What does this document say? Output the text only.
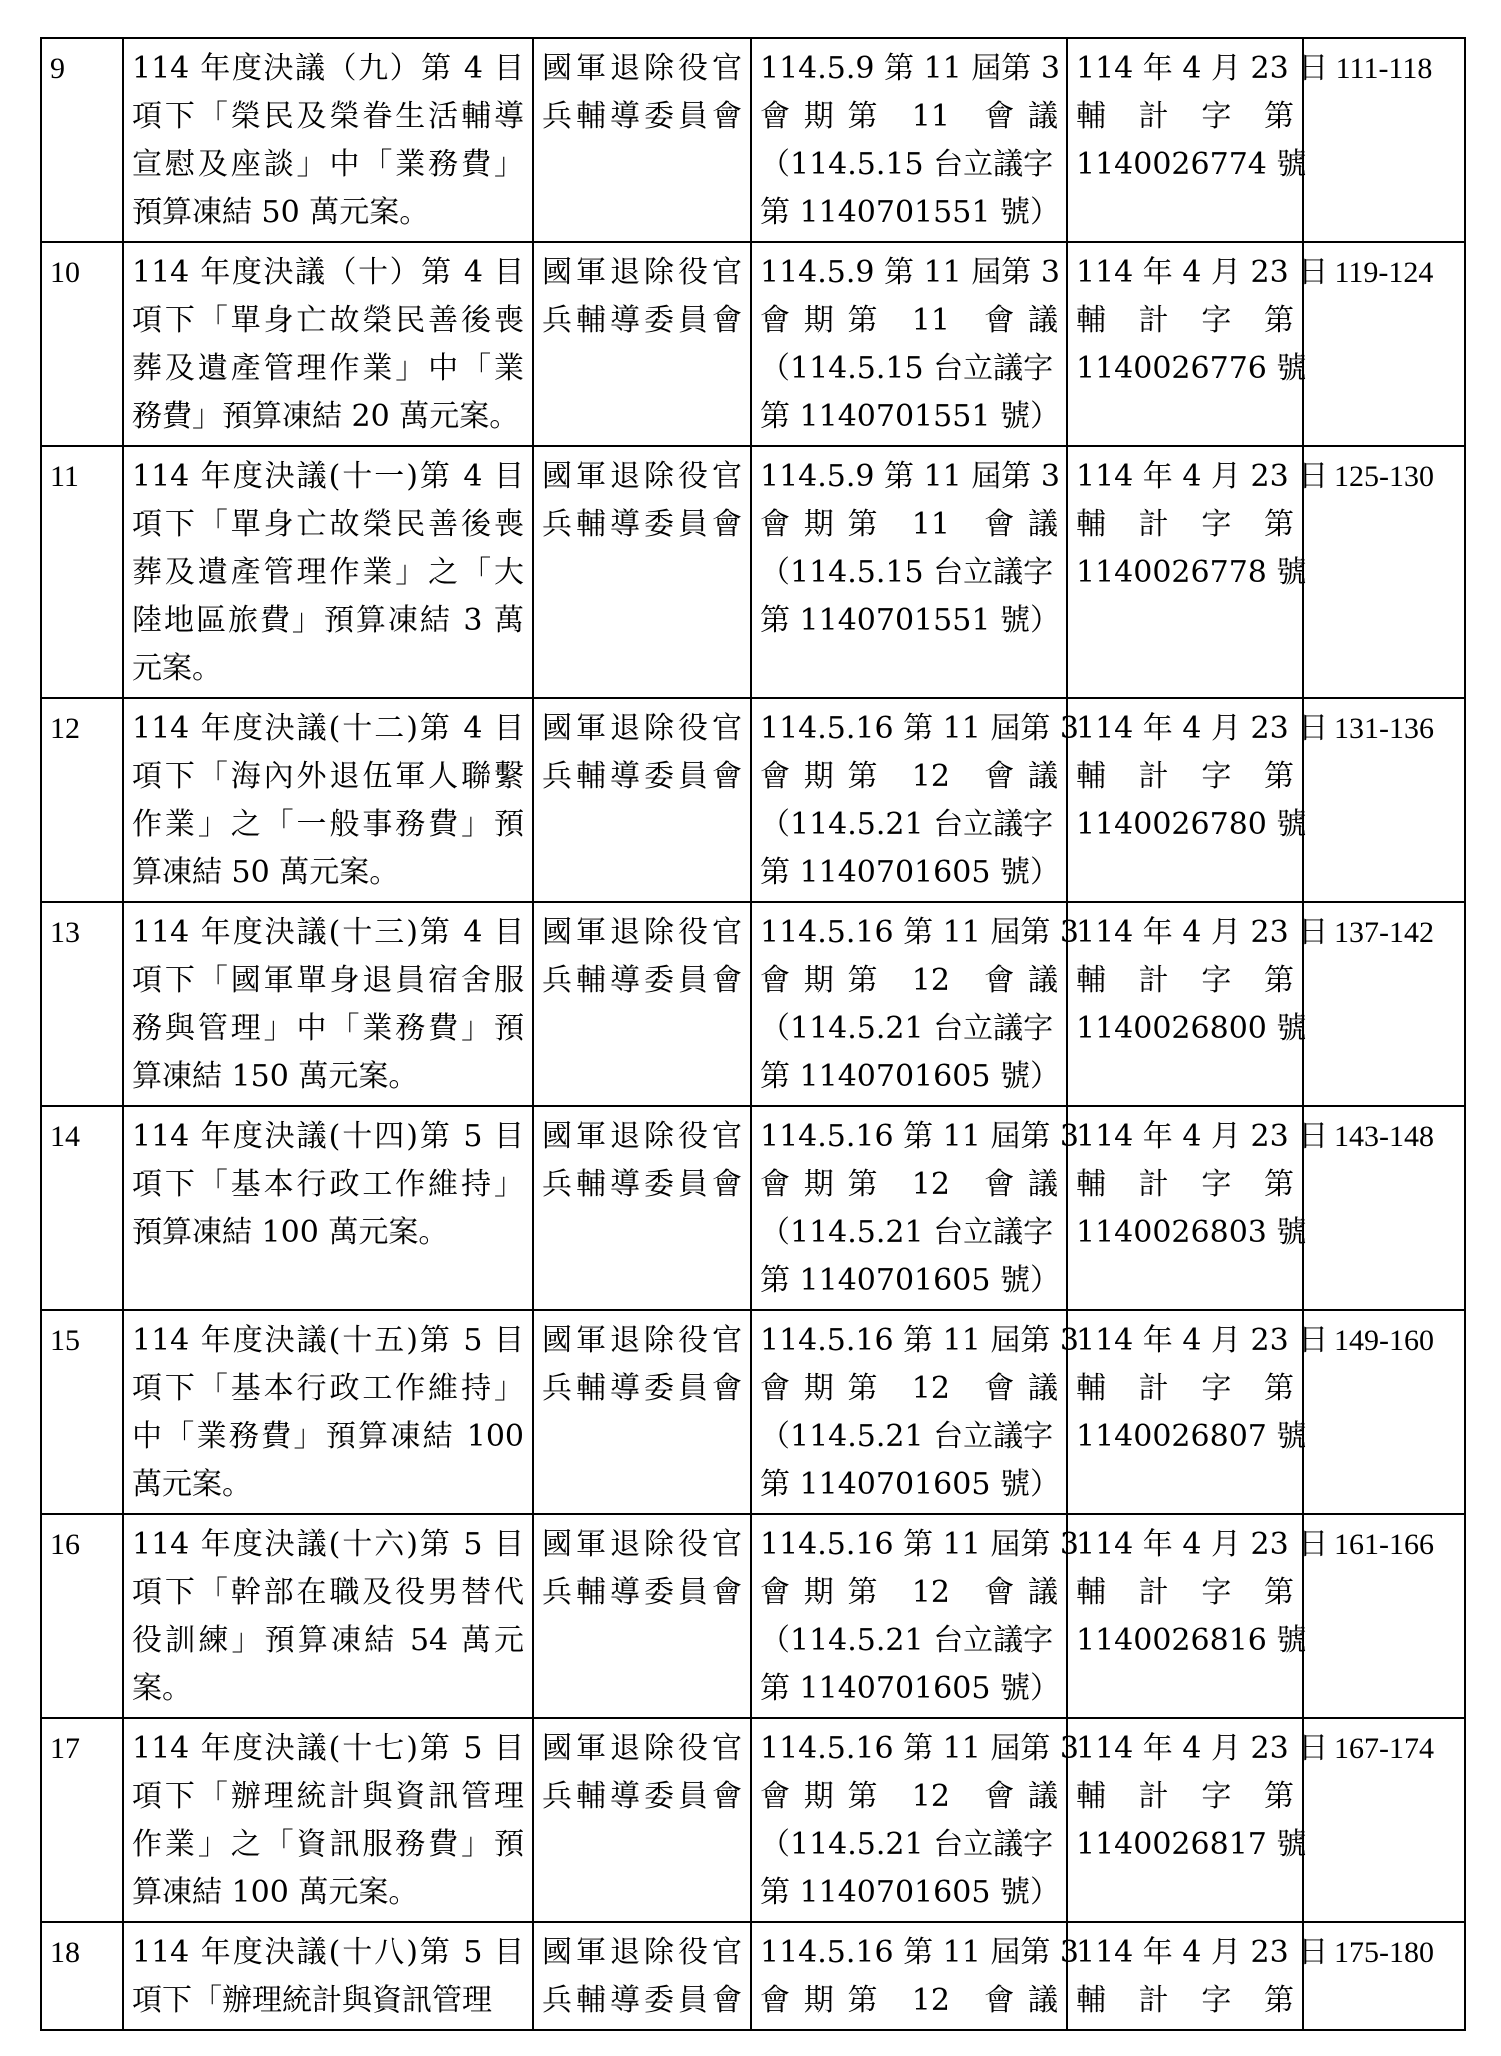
9	114 年度決議（九）第 4 目
項下「榮民及榮眷生活輔導
宣慰及座談」中「業務費」
預算凍結 50 萬元案。	國軍退除役官
兵輔導委員會	114.5.9 第 11 屆第 3
會 期 第　11　會 議
（114.5.15 台立議字
第 1140701551 號）	114 年 4 月 23 日
輔　計　字　第
1140026774 號	111-118
10	114 年度決議（十）第 4 目
項下「單身亡故榮民善後喪
葬及遺產管理作業」中「業
務費」預算凍結 20 萬元案。	國軍退除役官
兵輔導委員會	114.5.9 第 11 屆第 3
會 期 第　11　會 議
（114.5.15 台立議字
第 1140701551 號）	114 年 4 月 23 日
輔　計　字　第
1140026776 號	119-124
11	114 年度決議(十一)第 4 目
項下「單身亡故榮民善後喪
葬及遺產管理作業」之「大
陸地區旅費」預算凍結 3 萬
元案。	國軍退除役官
兵輔導委員會	114.5.9 第 11 屆第 3
會 期 第　11　會 議
（114.5.15 台立議字
第 1140701551 號）	114 年 4 月 23 日
輔　計　字　第
1140026778 號	125-130
12	114 年度決議(十二)第 4 目
項下「海內外退伍軍人聯繫
作業」之「一般事務費」預
算凍結 50 萬元案。	國軍退除役官
兵輔導委員會	114.5.16 第 11 屆第 3
會 期 第　12　會 議
（114.5.21 台立議字
第 1140701605 號）	114 年 4 月 23 日
輔　計　字　第
1140026780 號	131-136
13	114 年度決議(十三)第 4 目
項下「國軍單身退員宿舍服
務與管理」中「業務費」預
算凍結 150 萬元案。	國軍退除役官
兵輔導委員會	114.5.16 第 11 屆第 3
會 期 第　12　會 議
（114.5.21 台立議字
第 1140701605 號）	114 年 4 月 23 日
輔　計　字　第
1140026800 號	137-142
14	114 年度決議(十四)第 5 目
項下「基本行政工作維持」
預算凍結 100 萬元案。	國軍退除役官
兵輔導委員會	114.5.16 第 11 屆第 3
會 期 第　12　會 議
（114.5.21 台立議字
第 1140701605 號）	114 年 4 月 23 日
輔　計　字　第
1140026803 號	143-148
15	114 年度決議(十五)第 5 目
項下「基本行政工作維持」
中「業務費」預算凍結 100
萬元案。	國軍退除役官
兵輔導委員會	114.5.16 第 11 屆第 3
會 期 第　12　會 議
（114.5.21 台立議字
第 1140701605 號）	114 年 4 月 23 日
輔　計　字　第
1140026807 號	149-160
16	114 年度決議(十六)第 5 目
項下「幹部在職及役男替代
役訓練」預算凍結 54 萬元
案。	國軍退除役官
兵輔導委員會	114.5.16 第 11 屆第 3
會 期 第　12　會 議
（114.5.21 台立議字
第 1140701605 號）	114 年 4 月 23 日
輔　計　字　第
1140026816 號	161-166
17	114 年度決議(十七)第 5 目
項下「辦理統計與資訊管理
作業」之「資訊服務費」預
算凍結 100 萬元案。	國軍退除役官
兵輔導委員會	114.5.16 第 11 屆第 3
會 期 第　12　會 議
（114.5.21 台立議字
第 1140701605 號）	114 年 4 月 23 日
輔　計　字　第
1140026817 號	167-174
18	114 年度決議(十八)第 5 目
項下「辦理統計與資訊管理	國軍退除役官
兵輔導委員會	114.5.16 第 11 屆第 3
會 期 第　12　會 議	114 年 4 月 23 日
輔　計　字　第	175-180
